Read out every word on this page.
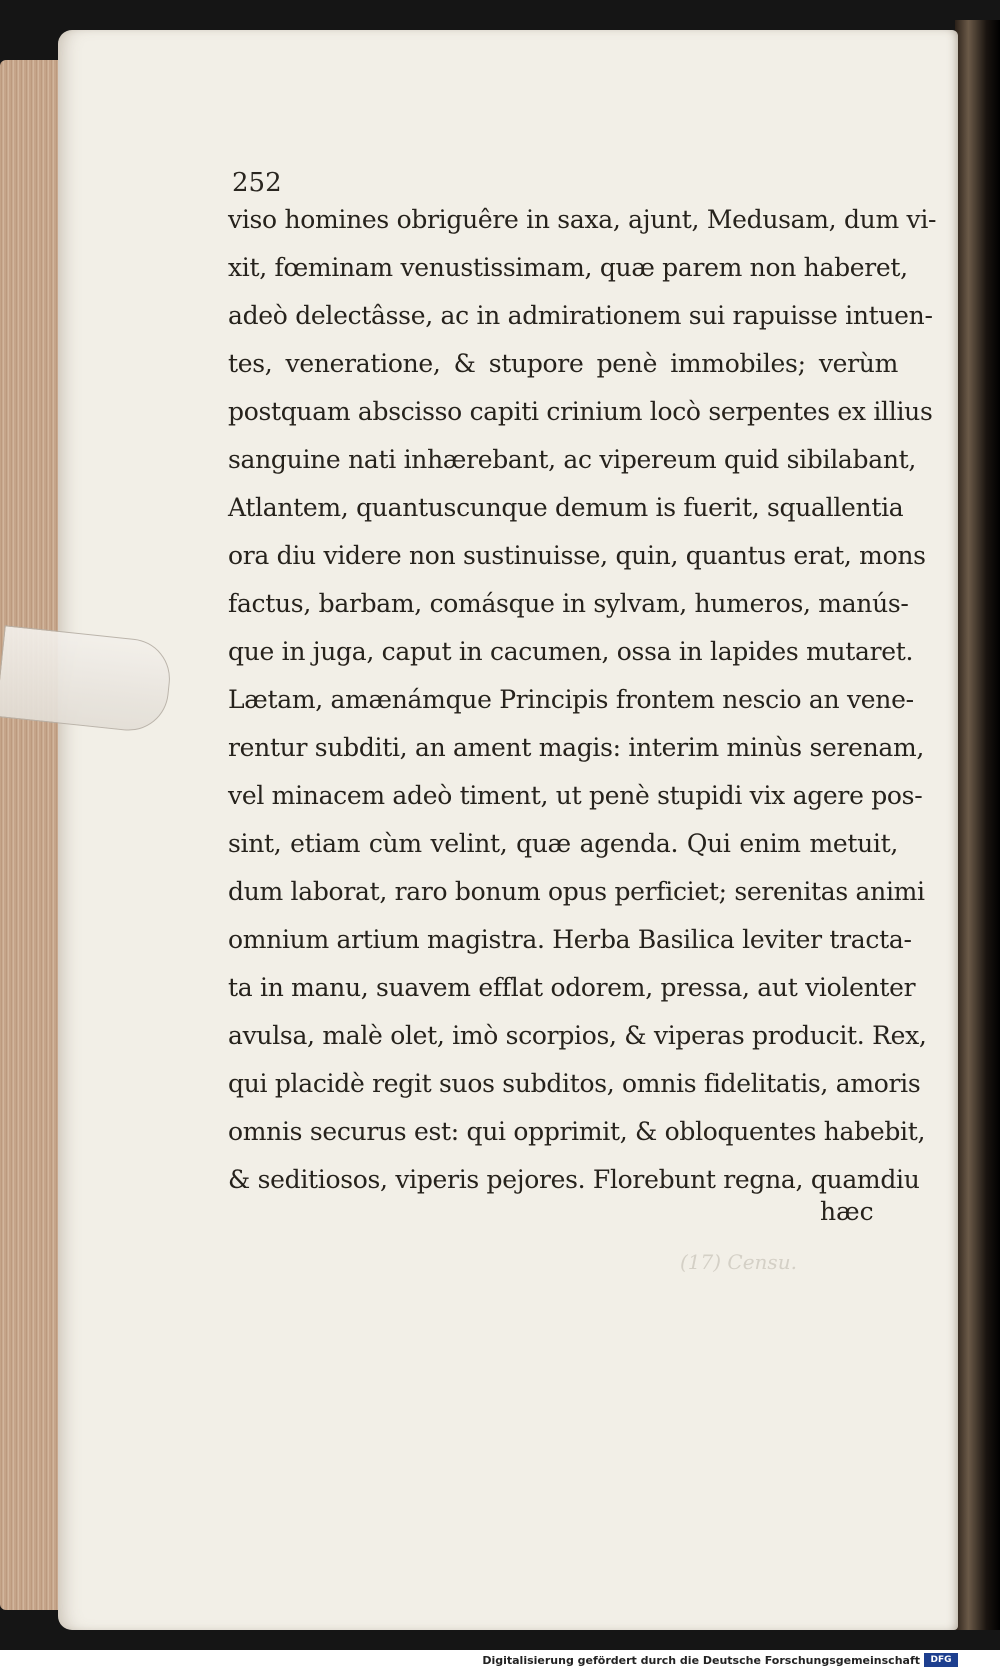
252
viso homines obriguêre in saxa, ajunt, Medusam, dum vi-
xit, fœminam venustissimam, quæ parem non haberet,
adeò delectâsse, ac in admirationem sui rapuisse intuen-
tes, veneratione, & stupore penè immobiles; verùm
postquam abscisso capiti crinium locò serpentes ex illius
sanguine nati inhærebant, ac vipereum quid sibilabant,
Atlantem, quantuscunque demum is fuerit, squallentia
ora diu videre non sustinuisse, quin, quantus erat, mons
factus, barbam, comásque in sylvam, humeros, manús-
que in juga, caput in cacumen, ossa in lapides mutaret.
Lætam, amænámque Principis frontem nescio an vene-
rentur subditi, an ament magis: interim minùs serenam,
vel minacem adeò timent, ut penè stupidi vix agere pos-
sint, etiam cùm velint, quæ agenda. Qui enim metuit,
dum laborat, raro bonum opus perficiet; serenitas animi
omnium artium magistra. Herba Basilica leviter tracta-
ta in manu, suavem efflat odorem, pressa, aut violenter
avulsa, malè olet, imò scorpios, & viperas producit. Rex,
qui placidè regit suos subditos, omnis fidelitatis, amoris
omnis securus est: qui opprimit, & obloquentes habebit,
& seditiosos, viperis pejores. Florebunt regna, quamdiu
hæc
(17) Censu.
Digitalisierung gefördert durch die Deutsche Forschungsgemeinschaft	DFG
